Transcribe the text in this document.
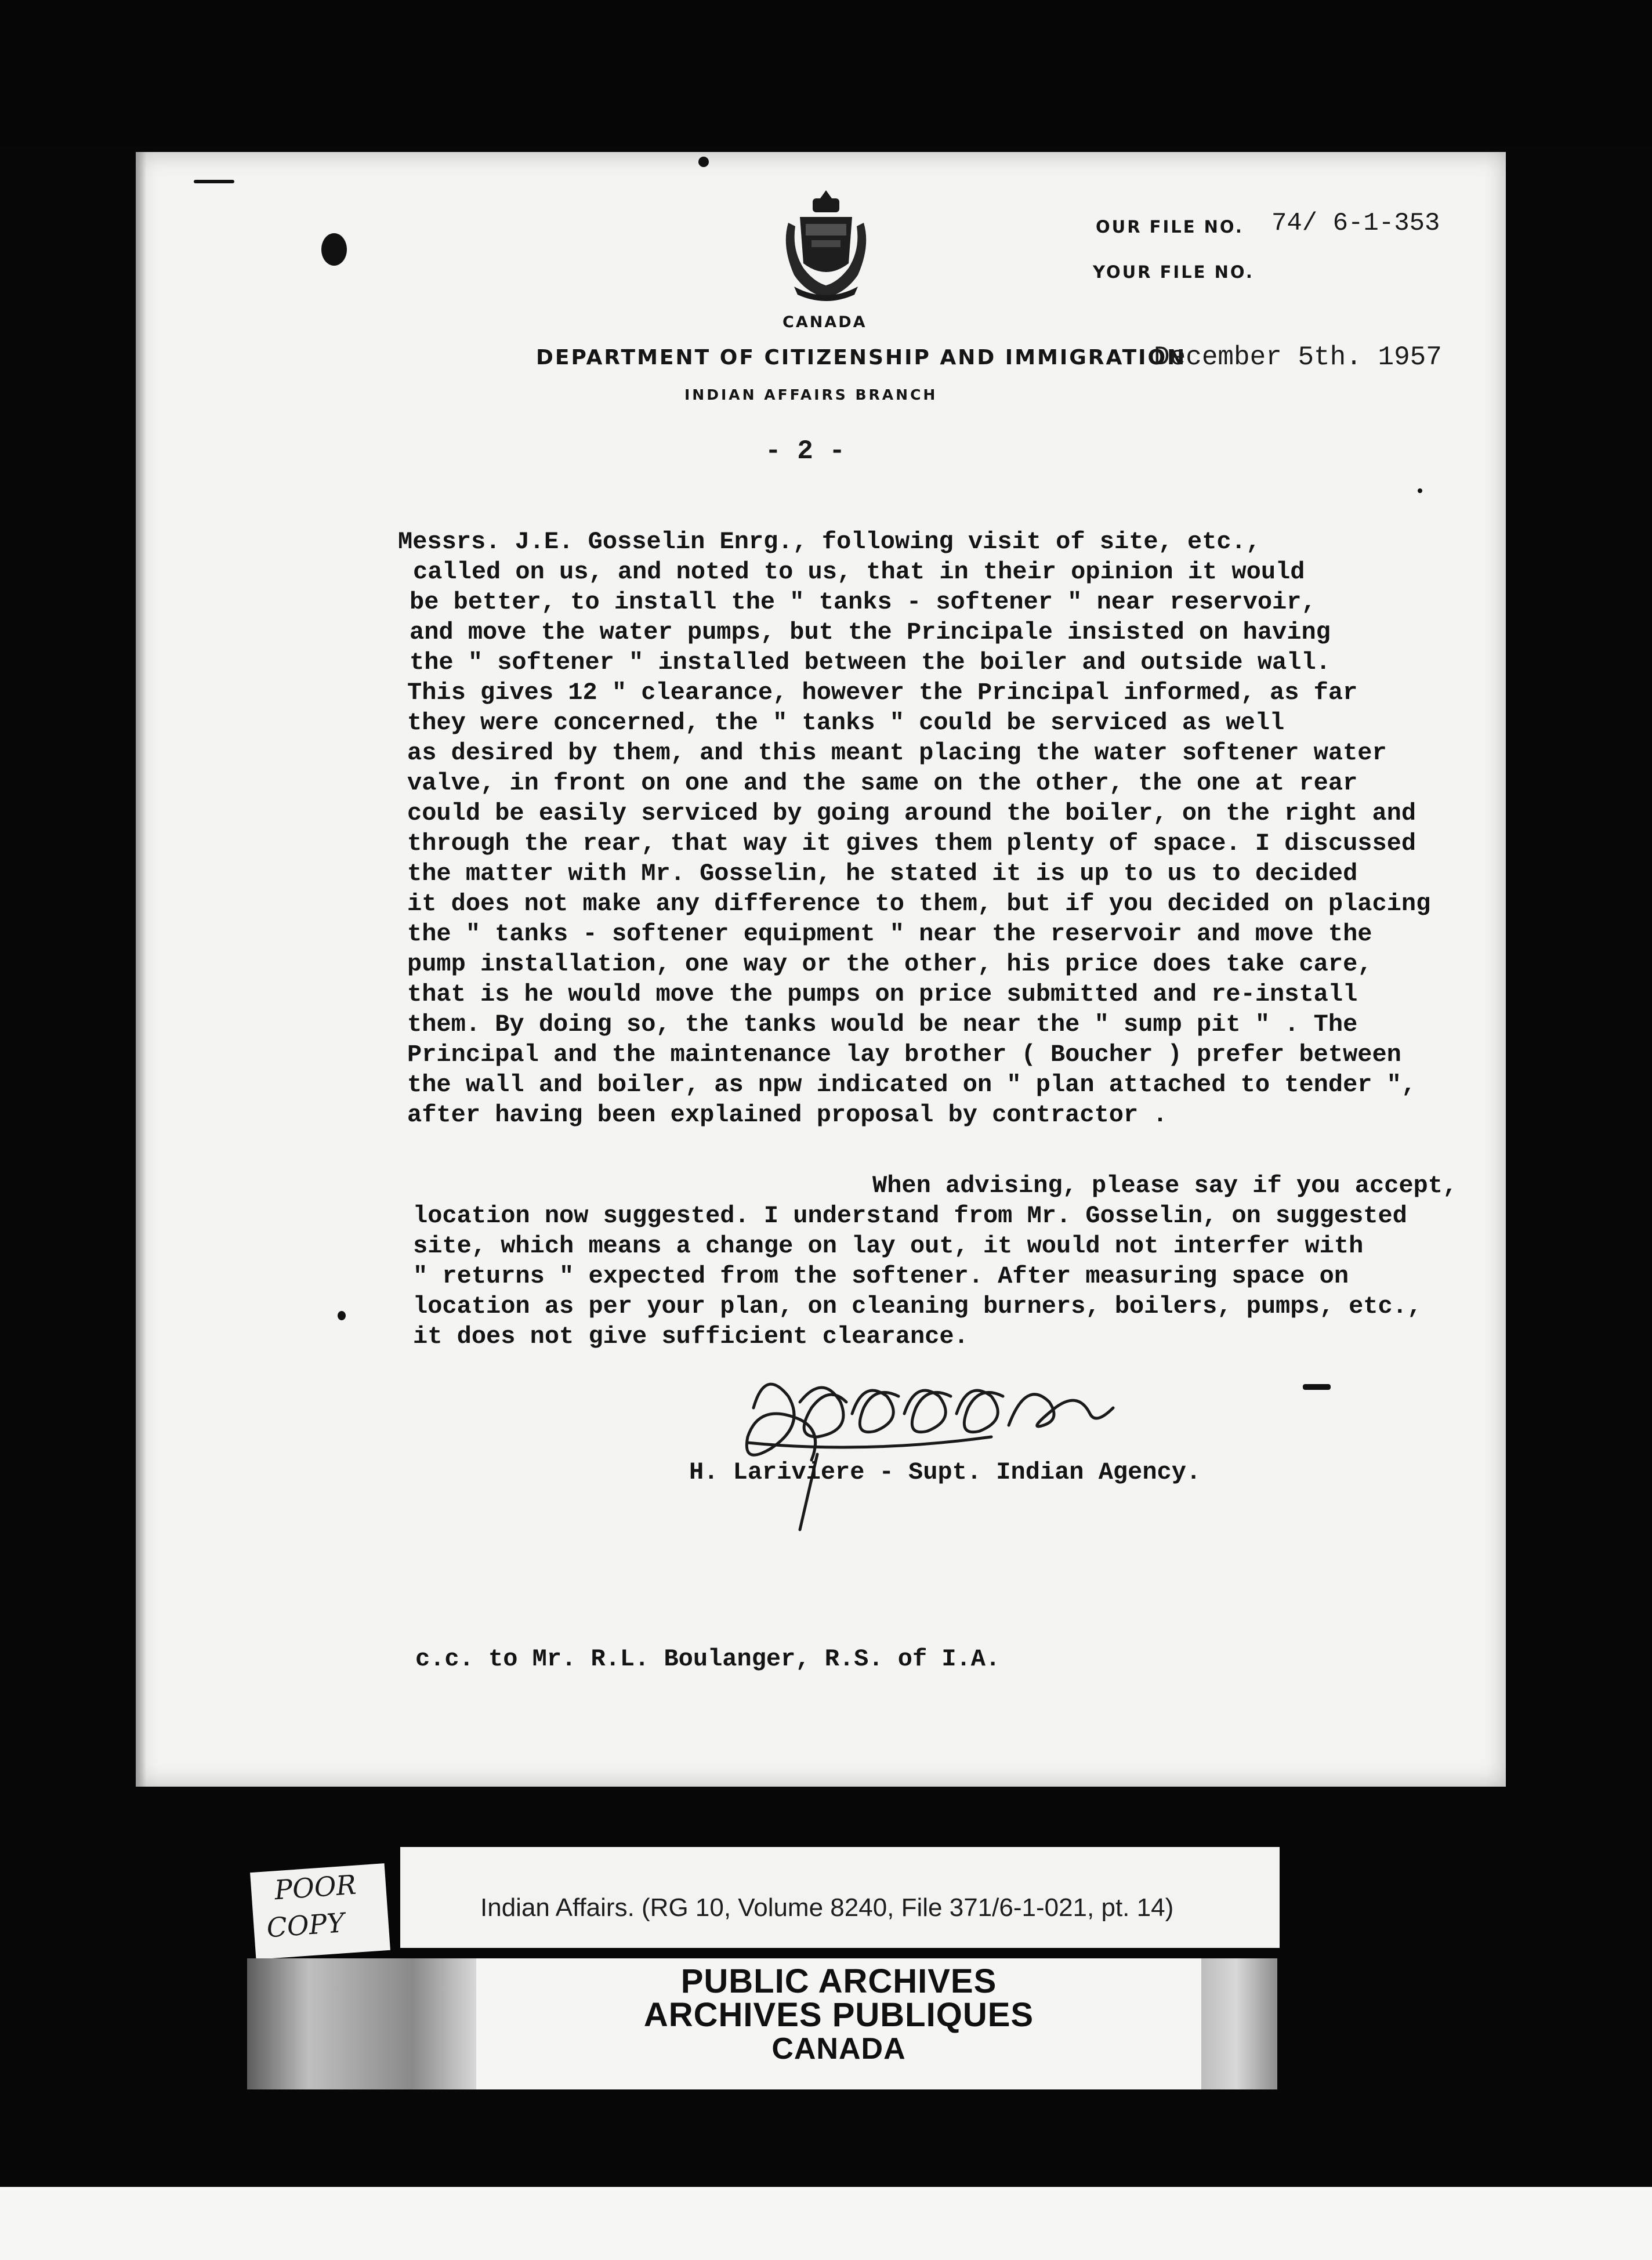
OUR FILE NO. 74/ 6-1-353
YOUR FILE NO.
CANADA
DEPARTMENT OF CITIZENSHIP AND IMMIGRATION
INDIAN AFFAIRS BRANCH
December 5th. 1957
- 2 -
Messrs. J.E. Gosselin Enrg., following visit of site, etc.,
called on us, and noted to us, that in their opinion it would
be better, to install the " tanks - softener " near reservoir,
and move the water pumps, but the Principale insisted on having
the " softener " installed between the boiler and outside wall.
This gives 12 " clearance, however the Principal informed, as far
they were concerned, the " tanks " could be serviced as well
as desired by them, and this meant placing the water softener water
valve, in front on one and the same on the other, the one at rear
could be easily serviced by going around the boiler, on the right and
through the rear, that way it gives them plenty of space. I discussed
the matter with Mr. Gosselin, he stated it is up to us to decided
it does not make any difference to them, but if you decided on placing
the " tanks - softener equipment " near the reservoir and move the
pump installation, one way or the other, his price does take care,
that is he would move the pumps on price submitted and re-install
them. By doing so, the tanks would be near the " sump pit " . The
Principal and the maintenance lay brother ( Boucher ) prefer between
the wall and boiler, as npw indicated on " plan attached to tender ",
after having been explained proposal by contractor .
When advising, please say if you accept,
location now suggested. I understand from Mr. Gosselin, on suggested
site, which means a change on lay out, it would not interfer with
" returns " expected from the softener. After measuring space on
location as per your plan, on cleaning burners, boilers, pumps, etc.,
it does not give sufficient clearance.
H. Lariviere - Supt. Indian Agency.
c.c. to Mr. R.L. Boulanger, R.S. of I.A.
POOR
COPY	Indian Affairs. (RG 10, Volume 8240, File 371/6-1-021, pt. 14)
PUBLIC ARCHIVES
ARCHIVES PUBLIQUES
CANADA
